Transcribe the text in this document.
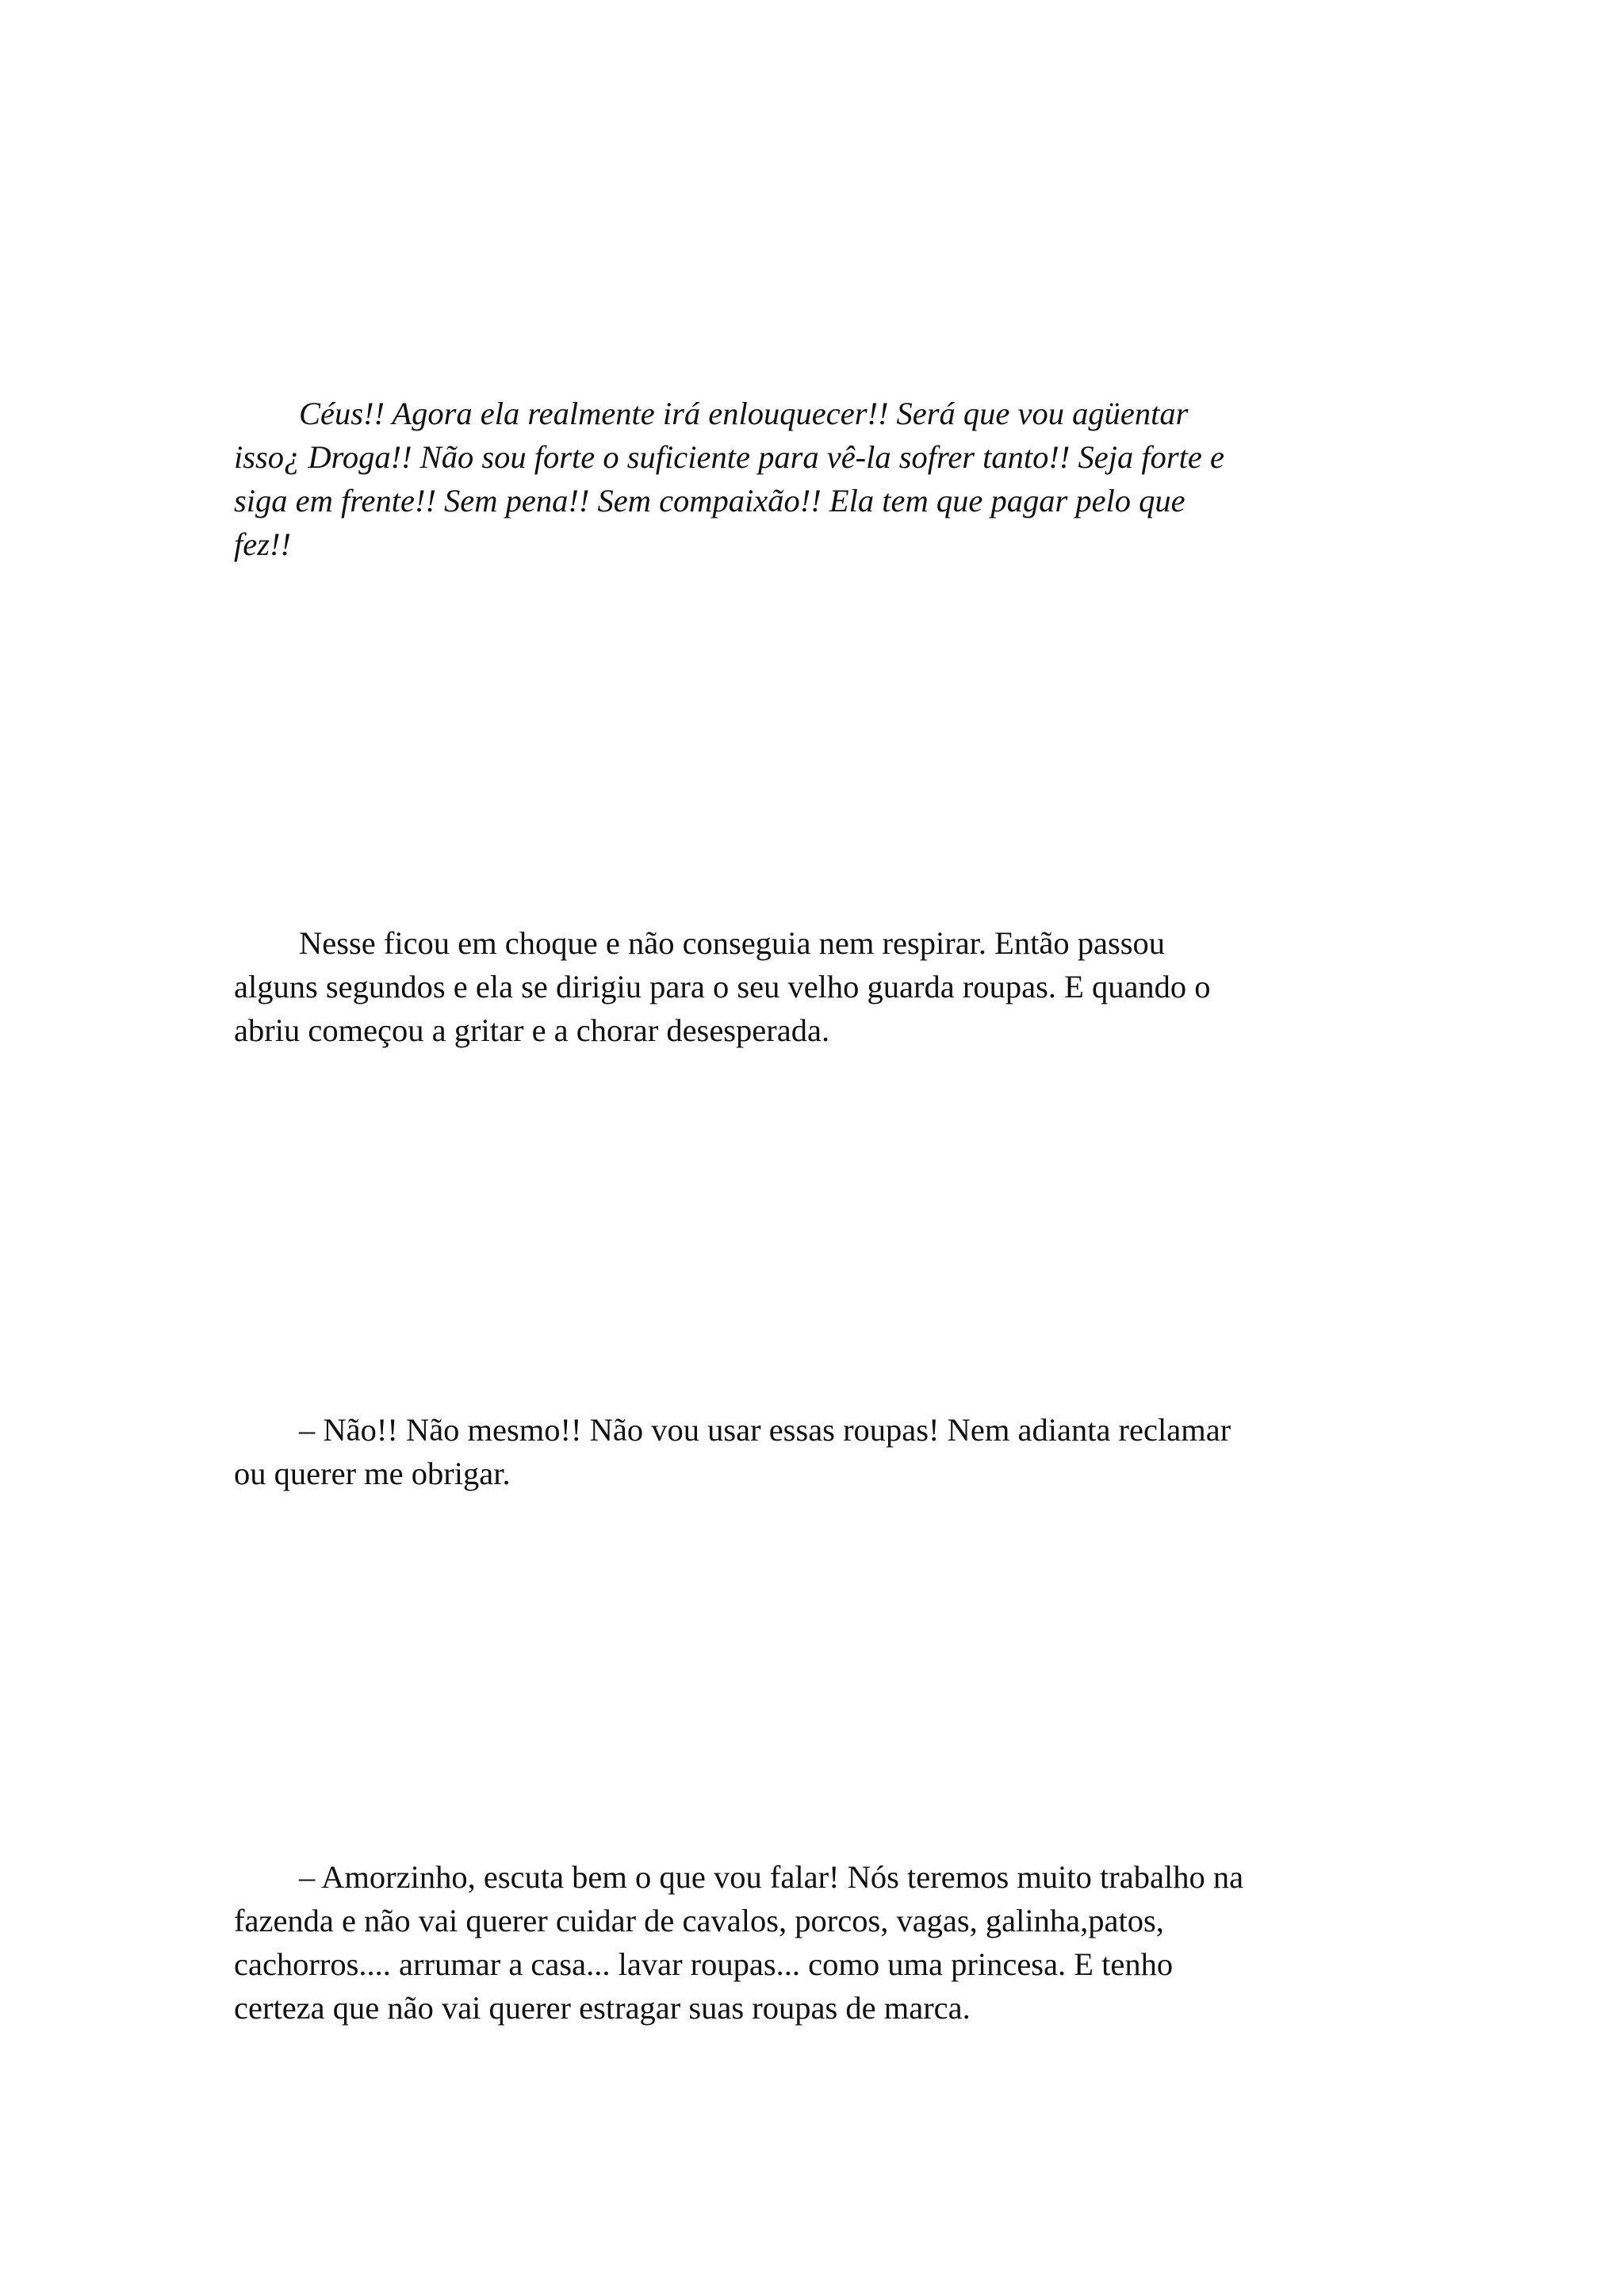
Céus!! Agora ela realmente irá enlouquecer!! Será que vou agüentar
isso¿ Droga!! Não sou forte o suficiente para vê-la sofrer tanto!! Seja forte e
siga em frente!! Sem pena!! Sem compaixão!! Ela tem que pagar pelo que
fez!!

Nesse ficou em choque e não conseguia nem respirar. Então passou
alguns segundos e ela se dirigiu para o seu velho guarda roupas. E quando o
abriu começou a gritar e a chorar desesperada.

– Não!! Não mesmo!! Não vou usar essas roupas! Nem adianta reclamar
ou querer me obrigar.

– Amorzinho, escuta bem o que vou falar! Nós teremos muito trabalho na
fazenda e não vai querer cuidar de cavalos, porcos, vagas, galinha,patos,
cachorros.... arrumar a casa... lavar roupas... como uma princesa. E tenho
certeza que não vai querer estragar suas roupas de marca.
